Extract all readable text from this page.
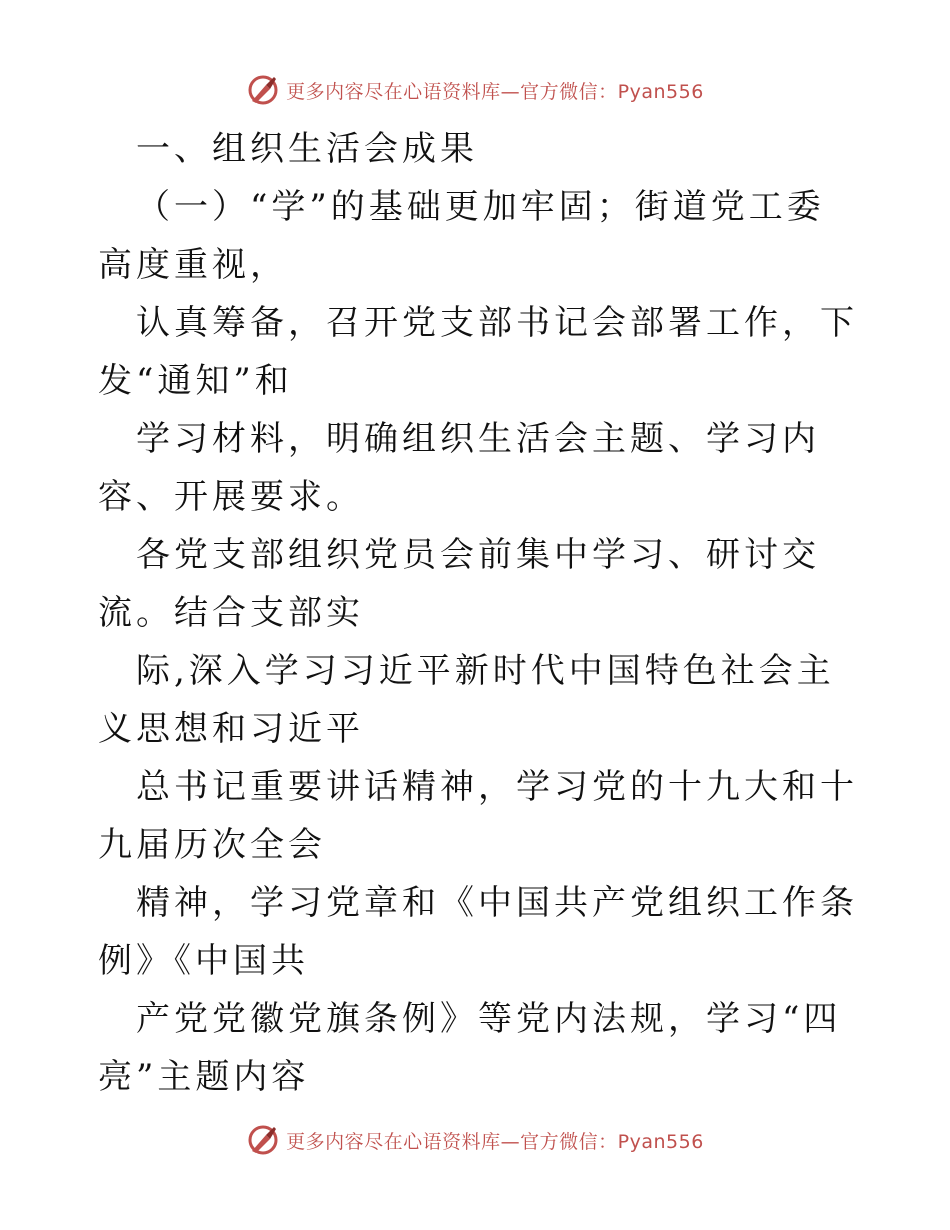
更多内容尽在心语资料库—官方微信：Pyan556

一、组织生活会成果

（一）“学”的基础更加牢固；街道党工委高度重视，

认真筹备，召开党支部书记会部署工作，下发“通知”和

学习材料，明确组织生活会主题、学习内容、开展要求。

各党支部组织党员会前集中学习、研讨交流。结合支部实

际,深入学习习近平新时代中国特色社会主义思想和习近平

总书记重要讲话精神，学习党的十九大和十九届历次全会

精神，学习党章和《中国共产党组织工作条例》《中国共

产党党徽党旗条例》等党内法规，学习“四亮”主题内容

更多内容尽在心语资料库—官方微信：Pyan556
